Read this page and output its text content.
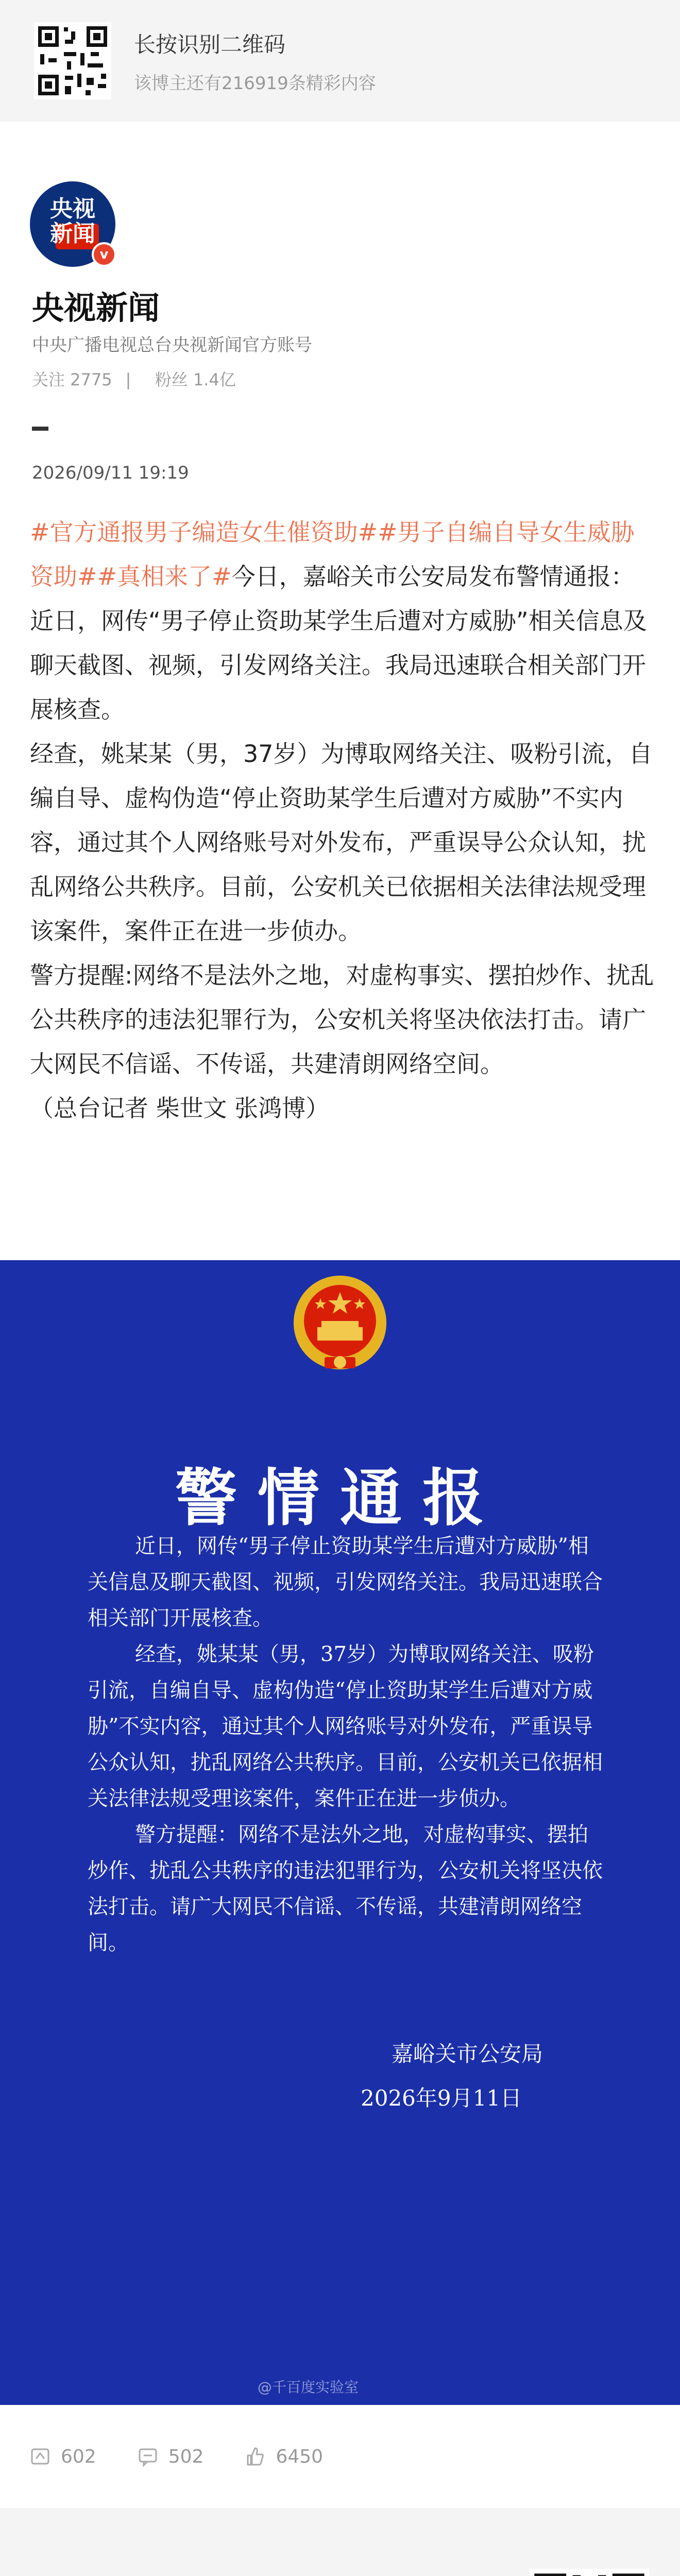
长按识别二维码
该博主还有216919条精彩内容
央视
新闻
v
央视新闻
中央广播电视总台央视新闻官方账号
关注 2775 | 粉丝 1.4亿
2026/09/11 19:19

#官方通报男子编造女生催资助##男子自编自导女生威胁资助##真相来了#今日，嘉峪关市公安局发布警情通报：近日，网传“男子停止资助某学生后遭对方威胁”相关信息及聊天截图、视频，引发网络关注。我局迅速联合相关部门开展核查。

经查，姚某某（男，37岁）为博取网络关注、吸粉引流，自编自导、虚构伪造“停止资助某学生后遭对方威胁”不实内容，通过其个人网络账号对外发布，严重误导公众认知，扰乱网络公共秩序。目前，公安机关已依据相关法律法规受理该案件，案件正在进一步侦办。

警方提醒:网络不是法外之地，对虚构事实、摆拍炒作、扰乱公共秩序的违法犯罪行为，公安机关将坚决依法打击。请广大网民不信谣、不传谣，共建清朗网络空间。

（总台记者 柴世文 张鸿博）

警情通报

近日，网传“男子停止资助某学生后遭对方威胁”相关信息及聊天截图、视频，引发网络关注。我局迅速联合相关部门开展核查。

经查，姚某某（男，37岁）为博取网络关注、吸粉引流，自编自导、虚构伪造“停止资助某学生后遭对方威胁”不实内容，通过其个人网络账号对外发布，严重误导公众认知，扰乱网络公共秩序。目前，公安机关已依据相关法律法规受理该案件，案件正在进一步侦办。

警方提醒：网络不是法外之地，对虚构事实、摆拍炒作、扰乱公共秩序的违法犯罪行为，公安机关将坚决依法打击。请广大网民不信谣、不传谣，共建清朗网络空间。

嘉峪关市公安局
2026年9月11日
@千百度实验室
602	502	6450
